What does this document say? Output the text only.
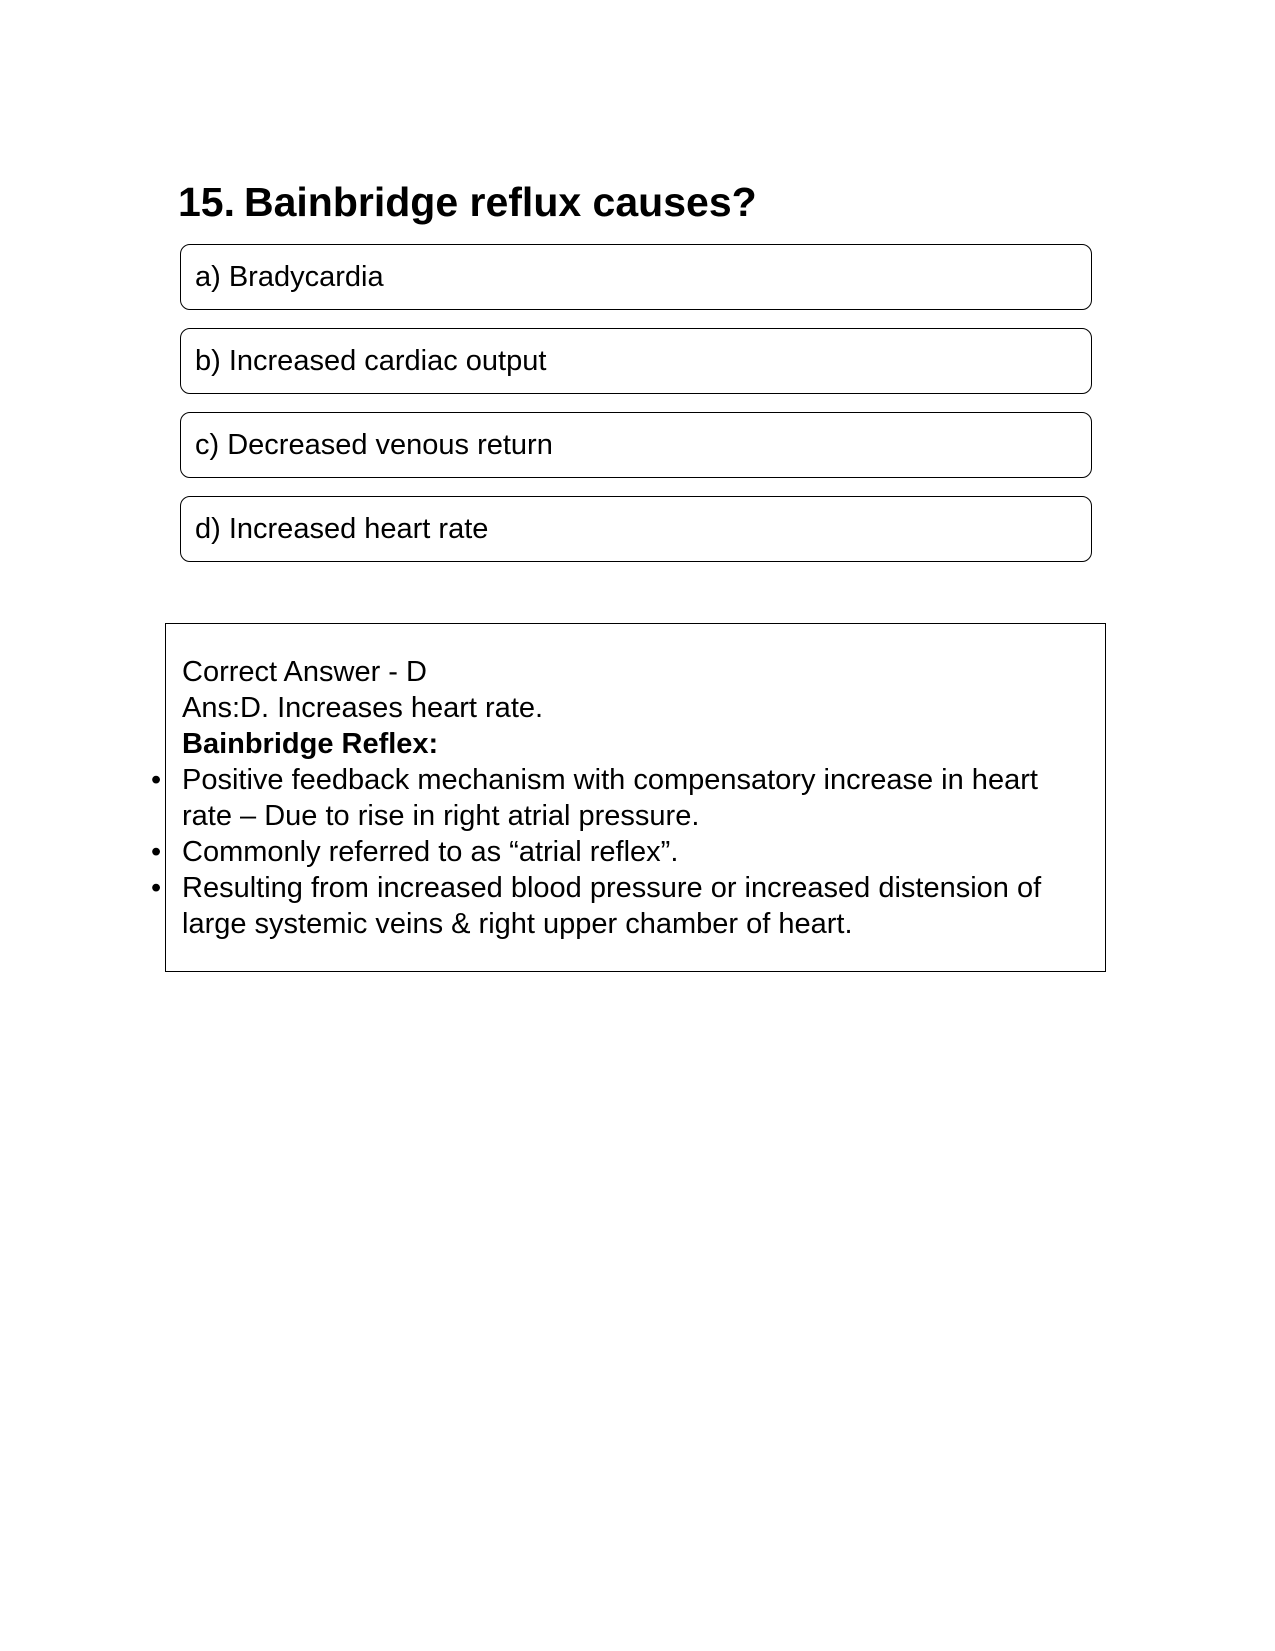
15. Bainbridge reflux causes?
a) Bradycardia
b) Increased cardiac output
c) Decreased venous return
d) Increased heart rate

Correct Answer - D

Ans:D. Increases heart rate.

Bainbridge Reflex:

• Positive feedback mechanism with compensatory increase in heart rate – Due to rise in right atrial pressure.
• Commonly referred to as “atrial reflex”.
• Resulting from increased blood pressure or increased distension of large systemic veins & right upper chamber of heart.
